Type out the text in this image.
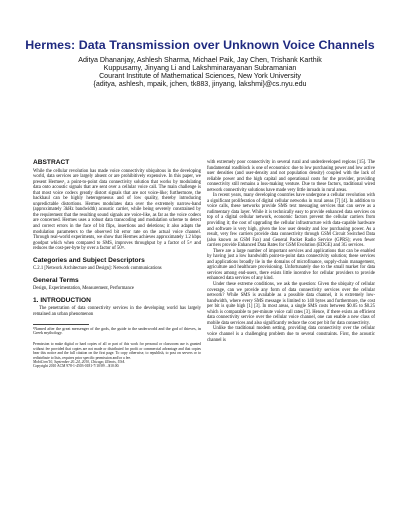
Hermes: Data Transmission over Unknown Voice Channels
Aditya Dhananjay, Ashlesh Sharma, Michael Paik, Jay Chen, Trishank Karthik
Kuppusamy, Jinyang Li and Lakshminarayanan Subramanian
Courant Institute of Mathematical Sciences, New York University
{aditya, ashlesh, mpaik, jchen, tk883, jinyang, lakshmi}@cs.nyu.edu
ABSTRACT

While the cellular revolution has made voice connectivity ubiquitous in the developing world, data services are largely absent or are prohibitively expensive. In this paper, we present Hermes¹, a point-to-point data connectivity solution that works by modulating data onto acoustic signals that are sent over a cellular voice call. The main challenge is that most voice codecs greatly distort signals that are not voice-like; furthermore, the backhaul can be highly heterogeneous and of low quality, thereby introducing unpredictable distortions. Hermes modulates data over the extremely narrow-band (approximately 3kHz bandwidth) acoustic carrier, while being severely constrained by the requirement that the resulting sound signals are voice-like, as far as the voice codecs are concerned. Hermes uses a robust data transcoding and modulation scheme to detect and correct errors in the face of bit flips, insertions and deletions; it also adapts the modulation parameters to the observed bit error rate on the actual voice channel. Through real-world experiments, we show that Hermes achieves approximately 1.2 kbps goodput which when compared to SMS, improves throughput by a factor of 5× and reduces the cost-per-byte by over a factor of 50×.

Categories and Subject Descriptors

C.2.1 [Network Architecture and Design]: Network communications

General Terms

Design, Experimentation, Measurement, Performance

1. INTRODUCTION

The penetration of data connectivity services in the developing world has largely remained an urban phenomenon

¹Named after the great messenger of the gods, the guide to the underworld and the god of thieves, in Greek mythology.

Permission to make digital or hard copies of all or part of this work for personal or classroom use is granted without fee provided that copies are not made or distributed for profit or commercial advantage and that copies bear this notice and the full citation on the first page. To copy otherwise, to republish, to post on servers or to redistribute to lists, requires prior specific permission and/or a fee.
MobiCom'10, September 20–24, 2010, Chicago, Illinois, USA.
Copyright 2010 ACM 978-1-4503-0181-7/10/09 ...$10.00.

with extremely poor connectivity in several rural and underdeveloped regions [15]. The fundamental roadblock is one of economics: due to low purchasing power and low active user densities (and user-density and not population density) coupled with the lack of reliable power and the high capital and operational costs for the provider, providing connectivity still remains a loss-making venture. Due to these factors, traditional wired network connectivity solutions have made very little inroads in rural areas.

In recent years, many developing countries have undergone a cellular revolution with a significant proliferation of digital cellular networks in rural areas [7] [4]. In addition to voice calls, these networks provide SMS text messaging services that can serve as a rudimentary data layer. While it is technically easy to provide enhanced data services on top of a digital cellular network, economic factors prevent the cellular carriers from providing it; the cost of upgrading the cellular infrastructure with data-capable hardware and software is very high, given the low user density and low purchasing power. As a result, very few carriers provide data connectivity through GSM Circuit Switched Data (also known as GSM Fax) and General Packet Radio Service (GPRS); even fewer carriers provide Enhanced Data Rates for GSM Evolution (EDGE) and 3G services.

There are a large number of important services and applications that can be enabled by having just a low bandwidth point-to-point data connectivity solution; these services and applications broadly lie in the domains of microfinance, supply-chain management, agriculture and healthcare provisioning. Unfortunately due to the small market for data services among end-users, there exists little incentive for cellular providers to provide enhanced data services of any kind.

Under these extreme conditions, we ask the question: Given the ubiquity of cellular coverage, can we provide any form of data connectivity services over the cellular network? While SMS is available as a possible data channel, it is extremely low-bandwidth, where every SMS message is limited to 140 bytes and furthermore, the cost per bit is quite high [1] [3]. In most areas, a single SMS costs between $0.05 to $0.25 which is comparable to per-minute voice call rates [3]. Hence, if there exists an efficient data connectivity service over the cellular voice channel, one can enable a new class of mobile data services and also significantly reduce the cost per bit for data connectivity.

Unlike the traditional modem setting, providing data connectivity over the cellular voice channel is a challenging problem due to several constraints. First, the acoustic channel is
